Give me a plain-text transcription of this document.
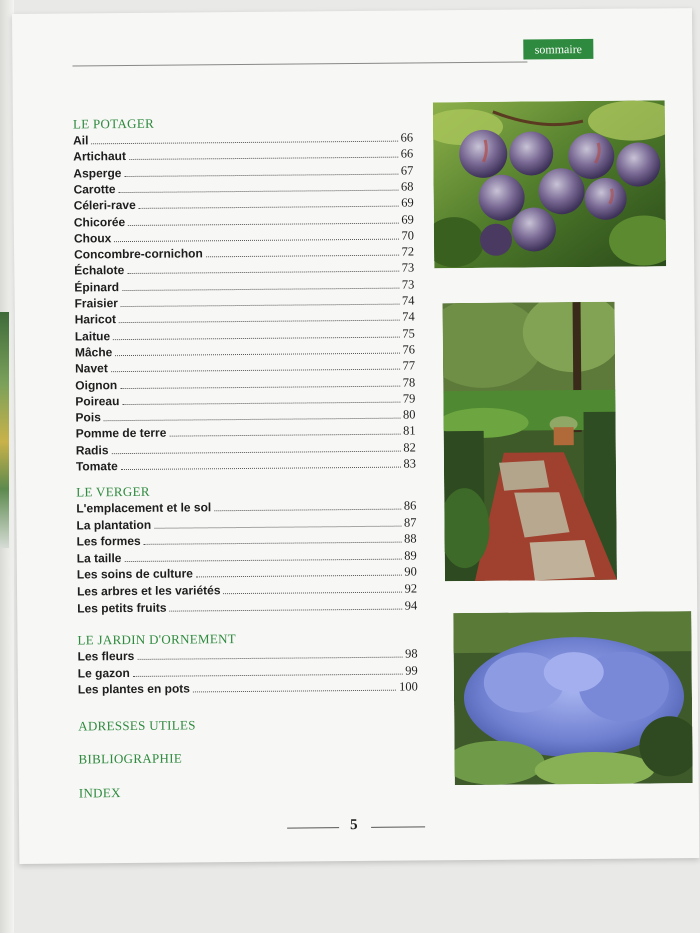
sommaire
LE POTAGER
Ail	66
Artichaut	66
Asperge	67
Carotte	68
Céleri-rave	69
Chicorée	69
Choux	70
Concombre-cornichon	72
Échalote	73
Épinard	73
Fraisier	74
Haricot	74
Laitue	75
Mâche	76
Navet	77
Oignon	78
Poireau	79
Pois	80
Pomme de terre	81
Radis	82
Tomate	83
LE VERGER
L'emplacement et le sol	86
La plantation	87
Les formes	88
La taille	89
Les soins de culture	90
Les arbres et les variétés	92
Les petits fruits	94
LE JARDIN D'ORNEMENT
Les fleurs	98
Le gazon	99
Les plantes en pots	100
ADRESSES UTILES
BIBLIOGRAPHIE
INDEX
5
